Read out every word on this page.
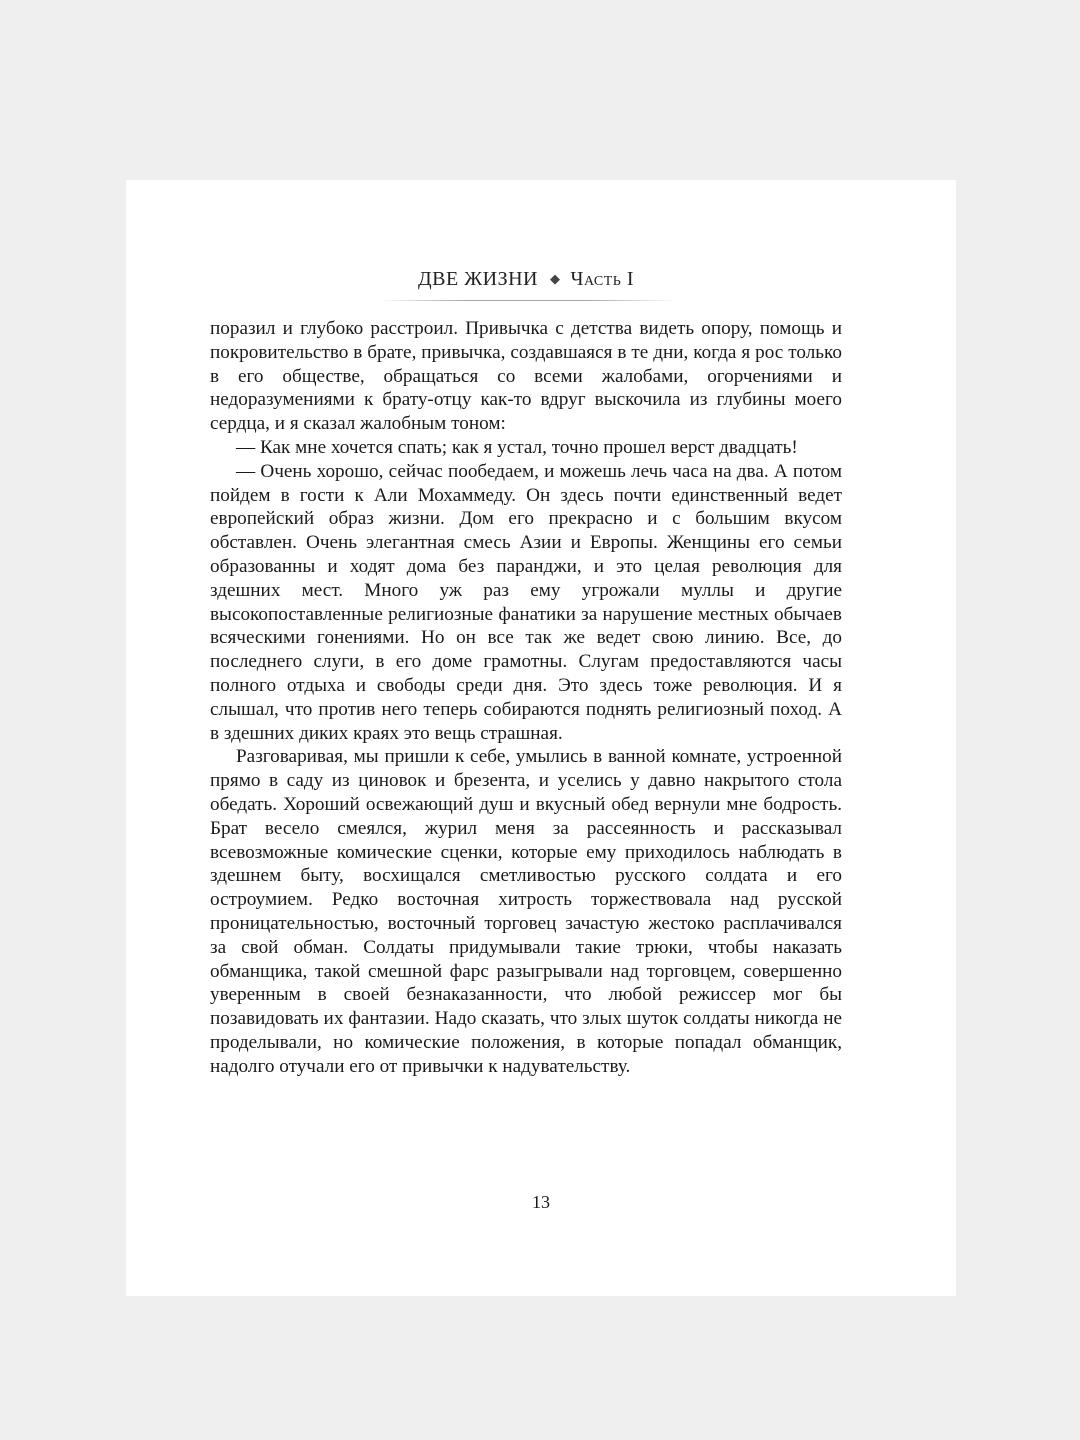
ДВЕ ЖИЗНИ ◆ Часть I

поразил и глубоко расстроил. Привычка с детства видеть опору, помощь и покровительство в брате, привычка, создавшаяся в те дни, когда я рос только в его обществе, обращаться со всеми жалобами, огорчениями и недоразумениями к брату-отцу как-то вдруг выскочила из глубины моего сердца, и я сказал жалобным тоном:

— Как мне хочется спать; как я устал, точно прошел верст двадцать!

— Очень хорошо, сейчас пообедаем, и можешь лечь часа на два. А потом пойдем в гости к Али Мохаммеду. Он здесь почти единственный ведет европейский образ жизни. Дом его прекрасно и с большим вкусом обставлен. Очень элегантная смесь Азии и Европы. Женщины его семьи образованны и ходят дома без паранджи, и это целая революция для здешних мест. Много уж раз ему угрожали муллы и другие высокопоставленные религиозные фанатики за нарушение местных обычаев всяческими гонениями. Но он все так же ведет свою линию. Все, до последнего слуги, в его доме грамотны. Слугам предоставляются часы полного отдыха и свободы среди дня. Это здесь тоже революция. И я слышал, что против него теперь собираются поднять религиозный поход. А в здешних диких краях это вещь страшная.

Разговаривая, мы пришли к себе, умылись в ванной комнате, устроенной прямо в саду из циновок и брезента, и уселись у давно накрытого стола обедать. Хороший освежающий душ и вкусный обед вернули мне бодрость. Брат весело смеялся, журил меня за рассеянность и рассказывал всевозможные комические сценки, которые ему приходилось наблюдать в здешнем быту, восхищался сметливостью русского солдата и его остроумием. Редко восточная хитрость торжествовала над русской проницательностью, восточный торговец зачастую жестоко расплачивался за свой обман. Солдаты придумывали такие трюки, чтобы наказать обманщика, такой смешной фарс разыгрывали над торговцем, совершенно уверенным в своей безнаказанности, что любой режиссер мог бы позавидовать их фантазии. Надо сказать, что злых шуток солдаты никогда не проделывали, но комические положения, в которые попадал обманщик, надолго отучали его от привычки к надувательству.

13
